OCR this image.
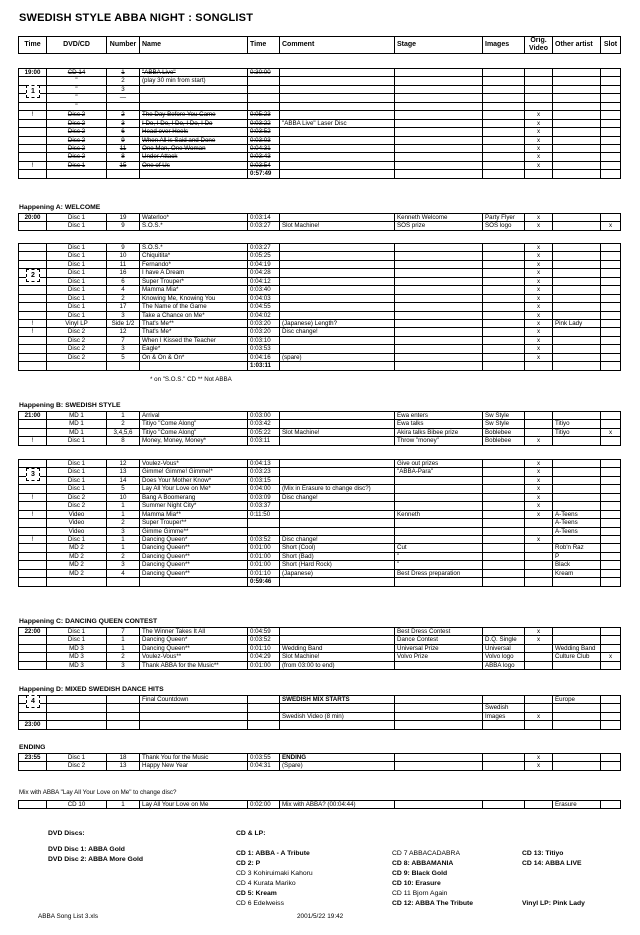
SWEDISH STYLE ABBA NIGHT : SONGLIST
Time	DVD/CD	Number	Name	Time	Comment	Stage	Images	Orig. Video	Other artist	Slot
19:00	CD 14	1	"ABBA Live"	0:30:00						
	"	2	(play 30 min from start)							
	"	3								
	"	—								
	"									
!	Disc 2	2	The Day Before You Came	0:05:23				x		
	Disc 2	3	I Do, I Do, I Do, I Do, I Do	0:03:22	"ABBA Live" Laser Disc			x		
	Disc 2	6	Head over Heels	0:03:52				x		
	Disc 2	9	When All is Said and Done	0:03:03				x		
	Disc 2	11	One Man, One Woman	0:04:31				x		
	Disc 2	8	Under Attack	0:03:43				x		
!	Disc 1	15	One of Us	0:03:54				x		
				0:57:49						
Happening A: WELCOME
20:00	Disc 1	19	Waterloo*	0:03:14		Kenneth Welcome	Party Flyer	x		
	Disc 1	9	S.O.S.*	0:03:27	Slot Machine!	SOS prize	SOS logo	x		x
	Disc 1	9	S.O.S.*	0:03:27				x		
	Disc 1	10	Chiquitita*	0:05:25				x		
	Disc 1	11	Fernando*	0:04:19				x		
	Disc 1	16	I have A Dream	0:04:28				x		
	Disc 1	6	Super Trouper*	0:04:12				x		
	Disc 1	4	Mamma Mia*	0:03:40				x		
	Disc 1	2	Knowing Me, Knowing You	0:04:03				x		
	Disc 1	17	The Name of the Game	0:04:55				x		
	Disc 1	3	Take a Chance on Me*	0:04:02				x		
!	Vinyl LP	Side 1/2	That's Me**	0:03:20	(Japanese) Length?			x	Pink Lady	
!	Disc 2	12	That's Me*	0:03:20	Disc change!			x		
	Disc 2	7	When I Kissed the Teacher	0:03:10				x		
	Disc 2	3	Eagle*	0:03:53				x		
	Disc 2	5	On & On & On*	0:04:16	(spare)			x		
				1:03:11						
* on "S.O.S." CD ** Not ABBA
Happening B: SWEDISH STYLE
21:00	MD 1	1	Arrival	0:03:00		Ewa enters	Sw Style			
	MD 1	2	Titiyo "Come Along"	0:03:42		Ewa talks	Sw Style		Titiyo	
	MD 1	3,4,5,6	Titiyo "Come Along"	0:05:22	Slot Machine!	Akira talks Bibee prize	Boblebee		Titiyo	x
!	Disc 1	8	Money, Money, Money*	0:03:11		Throw "money"	Boblebee	x		
	Disc 1	12	Voulez-Vous*	0:04:13		Give out prizes		x		
	Disc 1	13	Gimme! Gimme! Gimme!*	0:03:23		"ABBA-Para"		x		
	Disc 1	14	Does Your Mother Know*	0:03:15				x		
	Disc 1	5	Lay All Your Love on Me*	0:04:00	(Mix in Erasure to change disc?)			x		
!	Disc 2	10	Bang A Boomerang	0:03:09	Disc change!			x		
	Disc 2	1	Summer Night City*	0:03:37				x		
!	Video	1	Mamma Mia**	0:11:50		Kenneth		x	A-Teens	
	Video	2	Super Trouper**						A-Teens	
	Video	3	Gimme Gimme**						A-Teens	
!	Disc 1	1	Dancing Queen*	0:03:52	Disc change!			x		
	MD 2	1	Dancing Queen**	0:01:00	Short (Cool)	Cut			Rob'n Raz	
	MD 2	2	Dancing Queen**	0:01:00	Short (Bad)	"			P	
	MD 2	3	Dancing Queen**	0:01:00	Short (Hard Rock)	"			Black	
	MD 2	4	Dancing Queen**	0:01:10	(Japanese)	Best Dress preparation			Kream	
				0:59:46						
Happening C: DANCING QUEEN CONTEST
22:00	Disc 1	7	The Winner Takes It All	0:04:59		Best Dress Contest		x		
	Disc 1	1	Dancing Queen*	0:03:52		Dance Contest	D.Q. Single	x		
	MD 3	1	Dancing Queen**	0:01:10	Wedding Band	Universal Prize	Universal		Wedding Band	
	MD 3	2	Voulez-Vous**	0:04:29	Slot Machine!	Volvo Prize	Volvo logo		Culture Club	x
	MD 3	3	Thank ABBA for the Music**	0:01:00	(from 03:00 to end)		ABBA logo			
Happening D: MIXED SWEDISH DANCE HITS
			Final Countdown		SWEDISH MIX STARTS				Europe	
							Swedish			
					Swedish Video (8 min)		Images	x		
23:00										
ENDING
23:55	Disc 1	18	Thank You for the Music	0:03:55	ENDING			x		
	Disc 2	13	Happy New Year	0:04:31	(Spare)			x		
	CD 10	1	Lay All Your Love on Me	0:02:00	Mix with ABBA? (00:04:44)				Erasure	
1
2
3
4
Mix with ABBA "Lay All Your Love on Me" to change disc?
DVD Discs:
DVD Disc 1: ABBA Gold
DVD Disc 2: ABBA More Gold
CD & LP:
CD 1: ABBA - A Tribute
CD 2: P
CD 3 Kohiruimaki Kahoru
CD 4 Kurata Mariko
CD 5: Kream
CD 6 Edelweiss
CD 7 ABBACADABRA
CD 8: ABBAMANIA
CD 9: Black Gold
CD 10: Erasure
CD 11 Bjorn Again
CD 12: ABBA The Tribute
CD 13: Titiyo
CD 14: ABBA LIVE

Vinyl LP: Pink Lady
ABBA Song List 3.xls	2001/5/22 19:42
